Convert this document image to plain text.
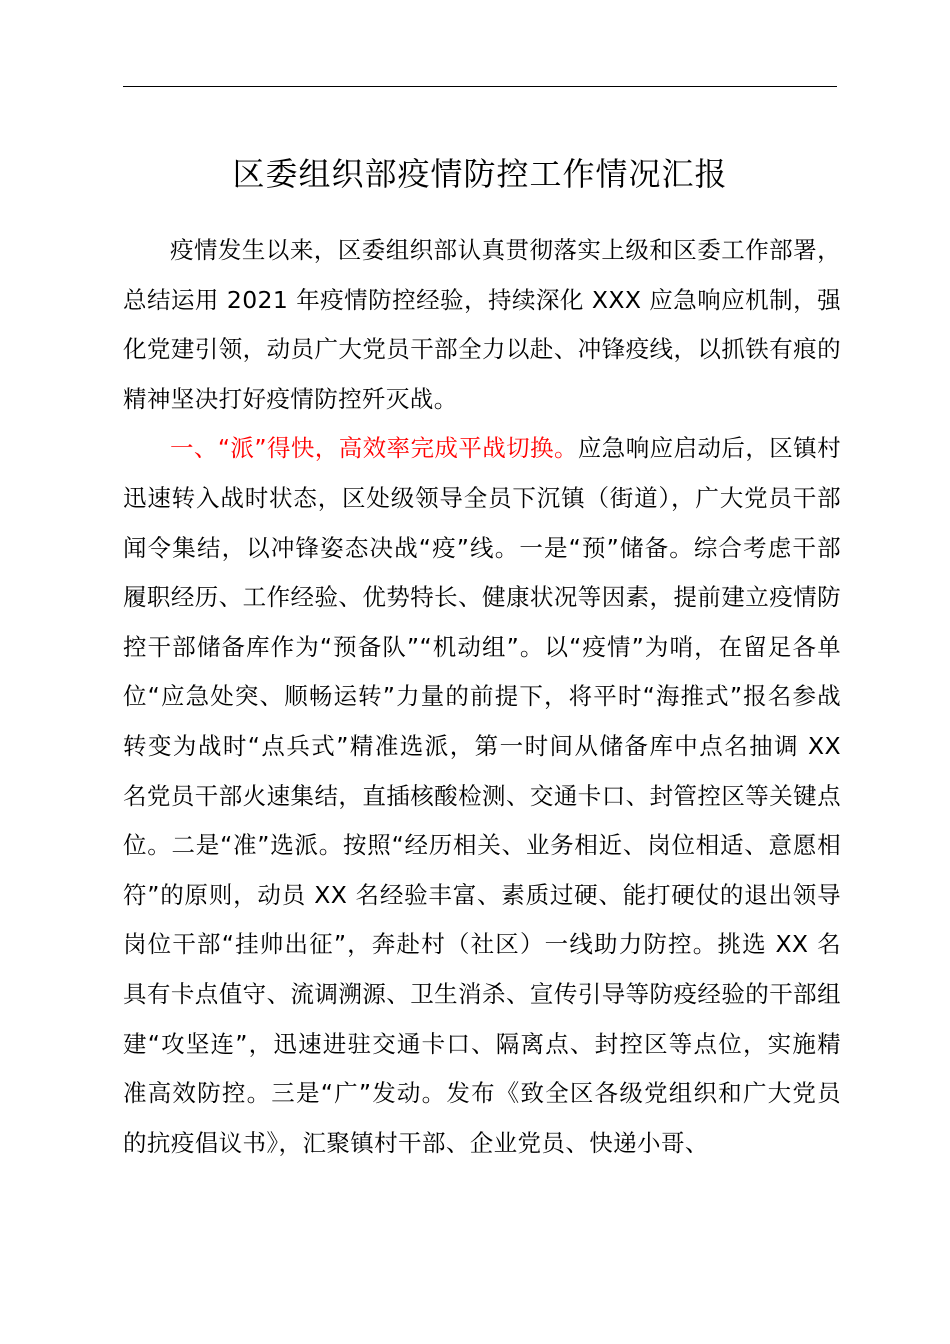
区委组织部疫情防控工作情况汇报

疫情发生以来，区委组织部认真贯彻落实上级和区委工作部署，总结运用 2021 年疫情防控经验，持续深化 XXX 应急响应机制，强化党建引领，动员广大党员干部全力以赴、冲锋疫线，以抓铁有痕的精神坚决打好疫情防控歼灭战。

一、“派”得快，高效率完成平战切换。应急响应启动后，区镇村迅速转入战时状态，区处级领导全员下沉镇（街道），广大党员干部闻令集结，以冲锋姿态决战“疫”线。一是“预”储备。综合考虑干部履职经历、工作经验、优势特长、健康状况等因素，提前建立疫情防控干部储备库作为“预备队”“机动组”。以“疫情”为哨，在留足各单位“应急处突、顺畅运转”力量的前提下，将平时“海推式”报名参战转变为战时“点兵式”精准选派，第一时间从储备库中点名抽调 XX 名党员干部火速集结，直插核酸检测、交通卡口、封管控区等关键点位。二是“准”选派。按照“经历相关、业务相近、岗位相适、意愿相符”的原则，动员 XX 名经验丰富、素质过硬、能打硬仗的退出领导岗位干部“挂帅出征”，奔赴村（社区）一线助力防控。挑选 XX 名具有卡点值守、流调溯源、卫生消杀、宣传引导等防疫经验的干部组建“攻坚连”，迅速进驻交通卡口、隔离点、封控区等点位，实施精准高效防控。三是“广”发动。发布《致全区各级党组织和广大党员的抗疫倡议书》，汇聚镇村干部、企业党员、快递小哥、
